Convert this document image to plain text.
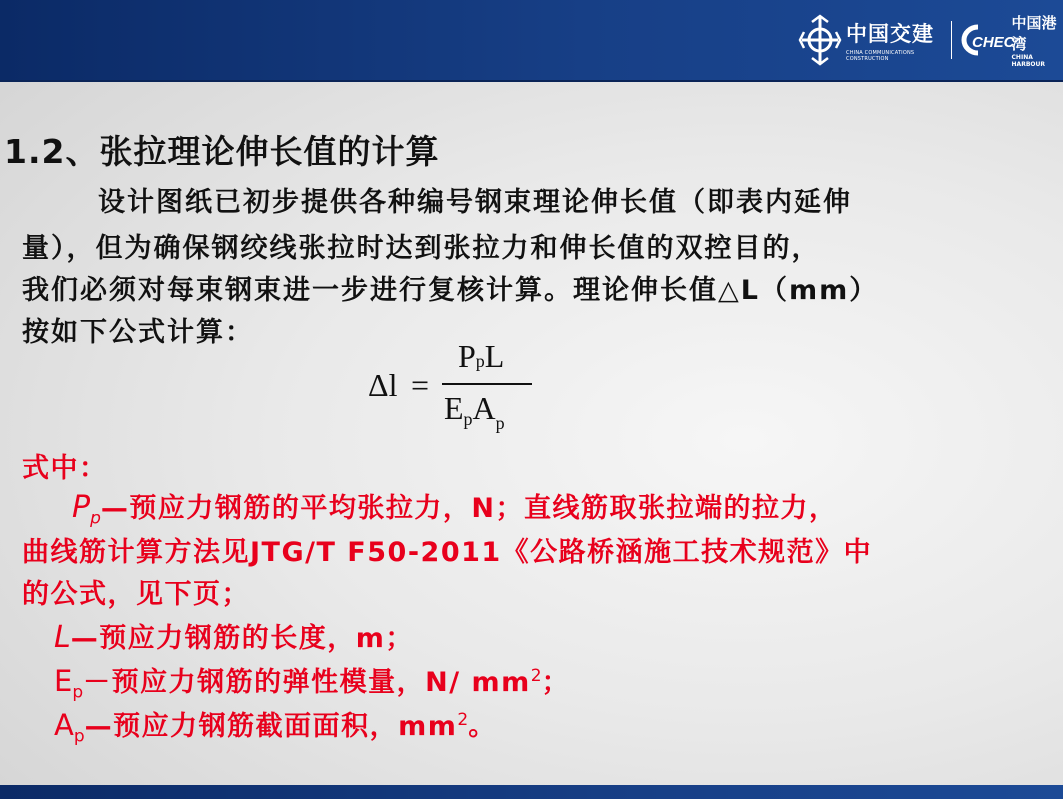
中国交建
CHINA COMMUNICATIONS CONSTRUCTION
CHEC
中国港湾
CHINA HARBOUR
1.2、张拉理论伸长值的计算
设计图纸已初步提供各种编号钢束理论伸长值（即表内延伸
量），但为确保钢绞线张拉时达到张拉力和伸长值的双控目的，
我们必须对每束钢束进一步进行复核计算。理论伸长值△L（mm）
按如下公式计算：
Δl =
PpL
$E_pA_p$
式中：
$P_p—$预应力钢筋的平均张拉力，N；直线筋取张拉端的拉力，
曲线筋计算方法见JTG/T F50-2011《公路桥涵施工技术规范》中
的公式，见下页；
L—预应力钢筋的长度，m；
$E_p-$预应力钢筋的弹性模量，N/ $mm^2$；
$A_p—$预应力钢筋截面面积，$mm^2$。
